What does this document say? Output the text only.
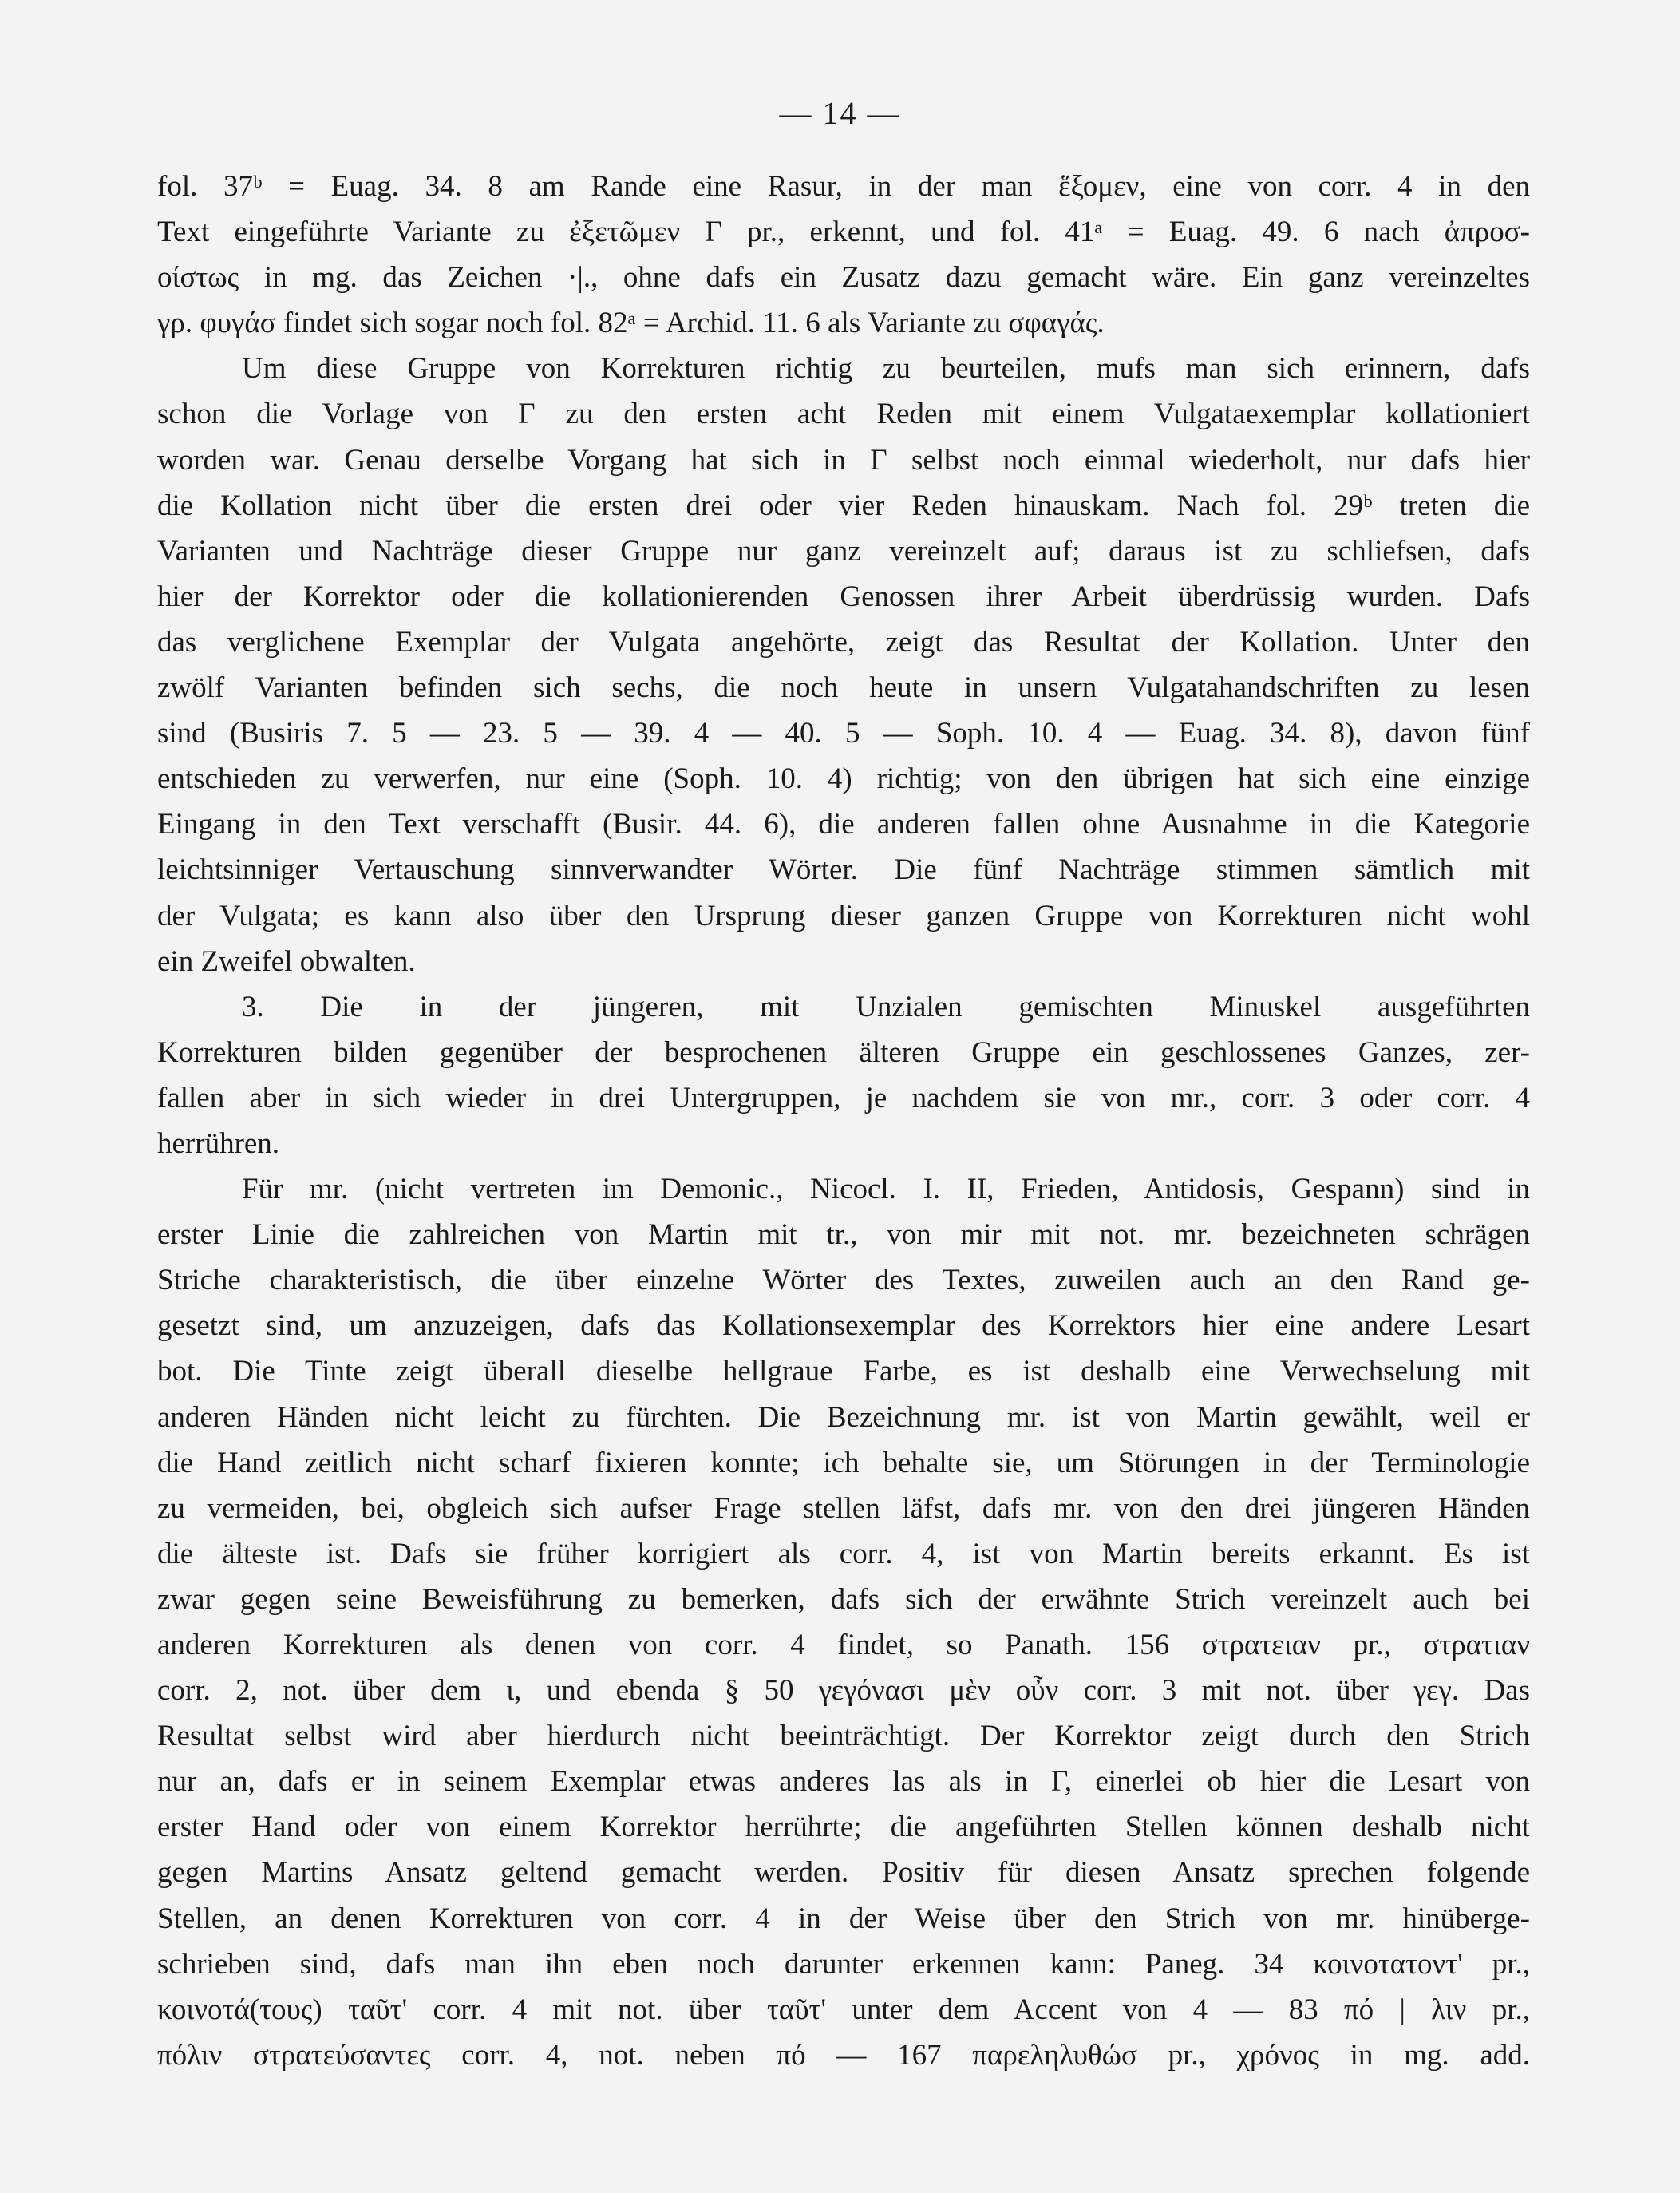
— 14 —
fol. 37ᵇ = Euag. 34. 8 am Rande eine Rasur, in der man ἕξομεν, eine von corr. 4 in den
Text eingeführte Variante zu ἐξετῶμεν Γ pr., erkennt, und fol. 41ᵃ = Euag. 49. 6 nach ἀπροσ-
οίστως in mg. das Zeichen ·|., ohne dafs ein Zusatz dazu gemacht wäre. Ein ganz vereinzeltes
γρ. φυγάσ findet sich sogar noch fol. 82ᵃ = Archid. 11. 6 als Variante zu σφαγάς.
Um diese Gruppe von Korrekturen richtig zu beurteilen, mufs man sich erinnern, dafs
schon die Vorlage von Γ zu den ersten acht Reden mit einem Vulgataexemplar kollationiert
worden war. Genau derselbe Vorgang hat sich in Γ selbst noch einmal wiederholt, nur dafs hier
die Kollation nicht über die ersten drei oder vier Reden hinauskam. Nach fol. 29ᵇ treten die
Varianten und Nachträge dieser Gruppe nur ganz vereinzelt auf; daraus ist zu schliefsen, dafs
hier der Korrektor oder die kollationierenden Genossen ihrer Arbeit überdrüssig wurden. Dafs
das verglichene Exemplar der Vulgata angehörte, zeigt das Resultat der Kollation. Unter den
zwölf Varianten befinden sich sechs, die noch heute in unsern Vulgatahandschriften zu lesen
sind (Busiris 7. 5 — 23. 5 — 39. 4 — 40. 5 — Soph. 10. 4 — Euag. 34. 8), davon fünf
entschieden zu verwerfen, nur eine (Soph. 10. 4) richtig; von den übrigen hat sich eine einzige
Eingang in den Text verschafft (Busir. 44. 6), die anderen fallen ohne Ausnahme in die Kategorie
leichtsinniger Vertauschung sinnverwandter Wörter. Die fünf Nachträge stimmen sämtlich mit
der Vulgata; es kann also über den Ursprung dieser ganzen Gruppe von Korrekturen nicht wohl
ein Zweifel obwalten.
3. Die in der jüngeren, mit Unzialen gemischten Minuskel ausgeführten
Korrekturen bilden gegenüber der besprochenen älteren Gruppe ein geschlossenes Ganzes, zer-
fallen aber in sich wieder in drei Untergruppen, je nachdem sie von mr., corr. 3 oder corr. 4
herrühren.
Für mr. (nicht vertreten im Demonic., Nicocl. I. II, Frieden, Antidosis, Gespann) sind in
erster Linie die zahlreichen von Martin mit tr., von mir mit not. mr. bezeichneten schrägen
Striche charakteristisch, die über einzelne Wörter des Textes, zuweilen auch an den Rand ge-
gesetzt sind, um anzuzeigen, dafs das Kollationsexemplar des Korrektors hier eine andere Lesart
bot. Die Tinte zeigt überall dieselbe hellgraue Farbe, es ist deshalb eine Verwechselung mit
anderen Händen nicht leicht zu fürchten. Die Bezeichnung mr. ist von Martin gewählt, weil er
die Hand zeitlich nicht scharf fixieren konnte; ich behalte sie, um Störungen in der Terminologie
zu vermeiden, bei, obgleich sich aufser Frage stellen läfst, dafs mr. von den drei jüngeren Händen
die älteste ist. Dafs sie früher korrigiert als corr. 4, ist von Martin bereits erkannt. Es ist
zwar gegen seine Beweisführung zu bemerken, dafs sich der erwähnte Strich vereinzelt auch bei
anderen Korrekturen als denen von corr. 4 findet, so Panath. 156 στρατειαν pr., στρατιαν
corr. 2, not. über dem ι, und ebenda § 50 γεγόνασι μὲν οὖν corr. 3 mit not. über γεγ. Das
Resultat selbst wird aber hierdurch nicht beeinträchtigt. Der Korrektor zeigt durch den Strich
nur an, dafs er in seinem Exemplar etwas anderes las als in Γ, einerlei ob hier die Lesart von
erster Hand oder von einem Korrektor herrührte; die angeführten Stellen können deshalb nicht
gegen Martins Ansatz geltend gemacht werden. Positiv für diesen Ansatz sprechen folgende
Stellen, an denen Korrekturen von corr. 4 in der Weise über den Strich von mr. hinüberge-
schrieben sind, dafs man ihn eben noch darunter erkennen kann: Paneg. 34 κοινοτατοντ' pr.,
κοινοτά(τους) ταῦτ' corr. 4 mit not. über ταῦτ' unter dem Accent von 4 — 83 πό | λιν pr.,
πόλιν στρατεύσαντες corr. 4, not. neben πό — 167 παρεληλυθώσ pr., χρόνος in mg. add.
